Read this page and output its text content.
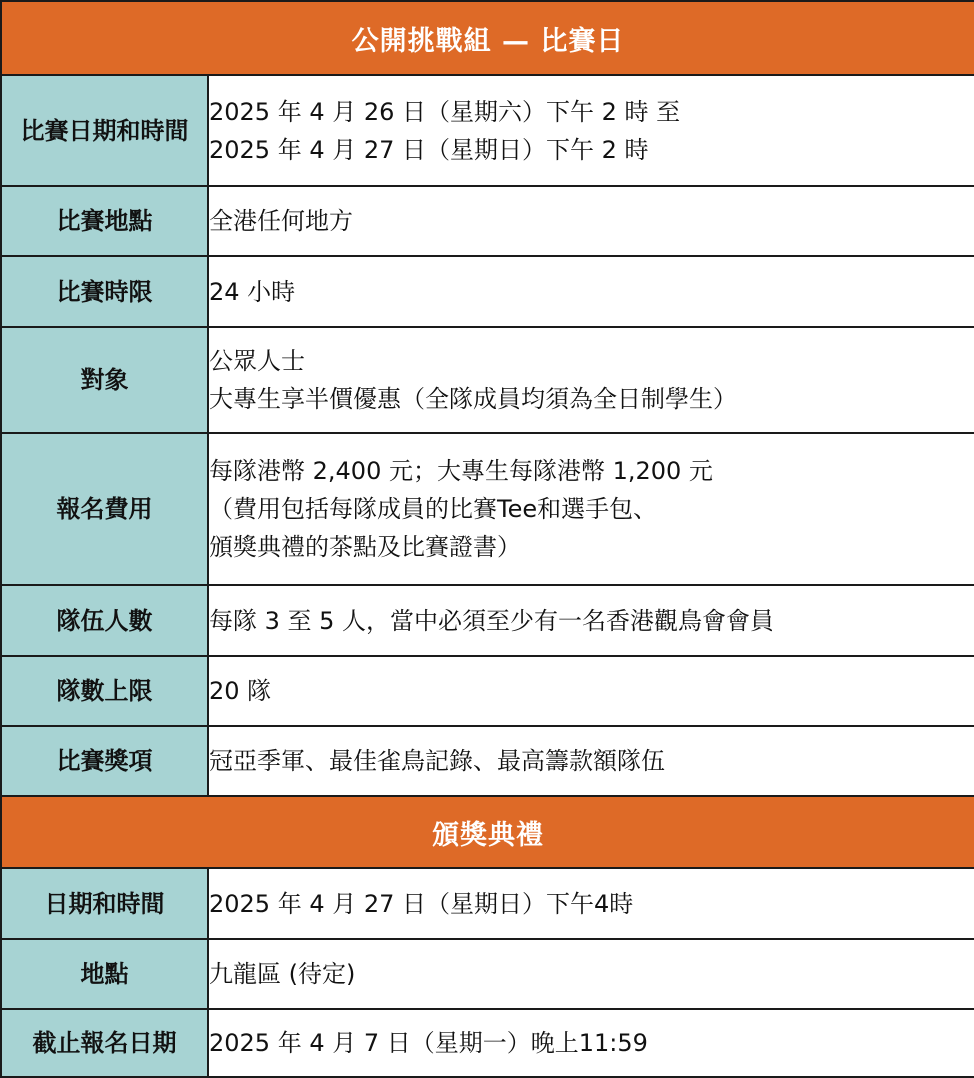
公開挑戰組 — 比賽日	
比賽日期和時間	2025 年 4 月 26 日（星期六）下午 2 時 至
2025 年 4 月 27 日（星期日）下午 2 時

比賽地點	全港任何地方

比賽時限	24 小時

對象	公眾人士
大專生享半價優惠（全隊成員均須為全日制學生）

報名費用	每隊港幣 2,400 元；大專生每隊港幣 1,200 元
（費用包括每隊成員的比賽Tee和選手包、
頒獎典禮的茶點及比賽證書）

隊伍人數	每隊 3 至 5 人，當中必須至少有一名香港觀鳥會會員

隊數上限	20 隊

比賽獎項	冠亞季軍、最佳雀鳥記錄、最高籌款額隊伍

頒獎典禮	
日期和時間	2025 年 4 月 27 日（星期日）下午4時

地點	九龍區 (待定)

截止報名日期	2025 年 4 月 7 日（星期一）晚上11:59
